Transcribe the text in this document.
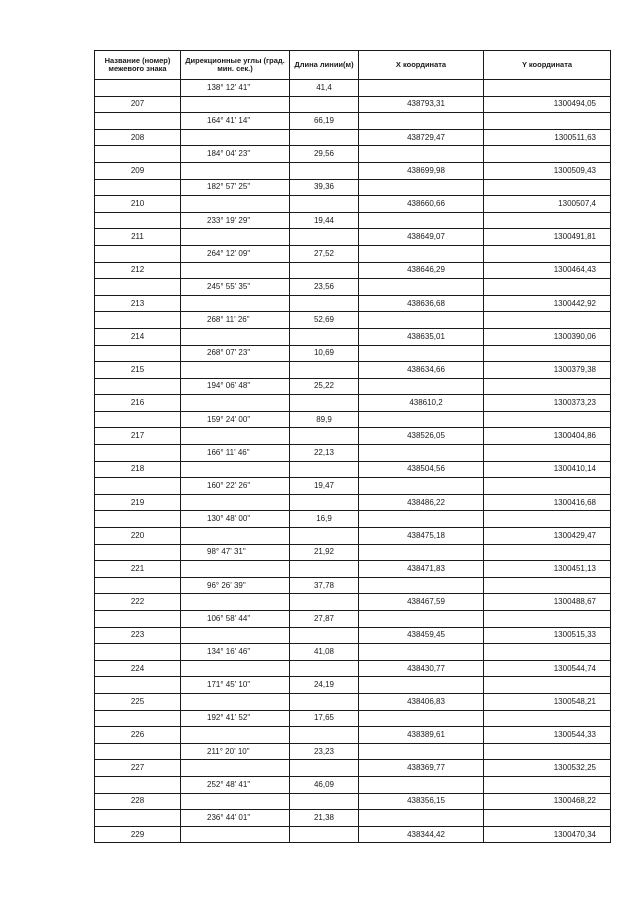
Название (номер) межевого знака	Дирекционные углы (град. мин. сек.)	Длина линии(м)	X координата	Y координата
	138° 12' 41"	41,4		
207			438793,31	1300494,05
	164° 41' 14"	66,19		
208			438729,47	1300511,63
	184° 04' 23"	29,56		
209			438699,98	1300509,43
	182° 57' 25"	39,36		
210			438660,66	1300507,4
	233° 19' 29"	19,44		
211			438649,07	1300491,81
	264° 12' 09"	27,52		
212			438646,29	1300464,43
	245° 55' 35"	23,56		
213			438636,68	1300442,92
	268° 11' 26"	52,69		
214			438635,01	1300390,06
	268° 07' 23"	10,69		
215			438634,66	1300379,38
	194° 06' 48"	25,22		
216			438610,2	1300373,23
	159° 24' 00"	89,9		
217			438526,05	1300404,86
	166° 11' 46"	22,13		
218			438504,56	1300410,14
	160° 22' 26"	19,47		
219			438486,22	1300416,68
	130° 48' 00"	16,9		
220			438475,18	1300429,47
	98° 47' 31"	21,92		
221			438471,83	1300451,13
	96° 26' 39"	37,78		
222			438467,59	1300488,67
	106° 58' 44"	27,87		
223			438459,45	1300515,33
	134° 16' 46"	41,08		
224			438430,77	1300544,74
	171° 45' 10"	24,19		
225			438406,83	1300548,21
	192° 41' 52"	17,65		
226			438389,61	1300544,33
	211° 20' 10"	23,23		
227			438369,77	1300532,25
	252° 48' 41"	46,09		
228			438356,15	1300468,22
	236° 44' 01"	21,38		
229			438344,42	1300470,34
